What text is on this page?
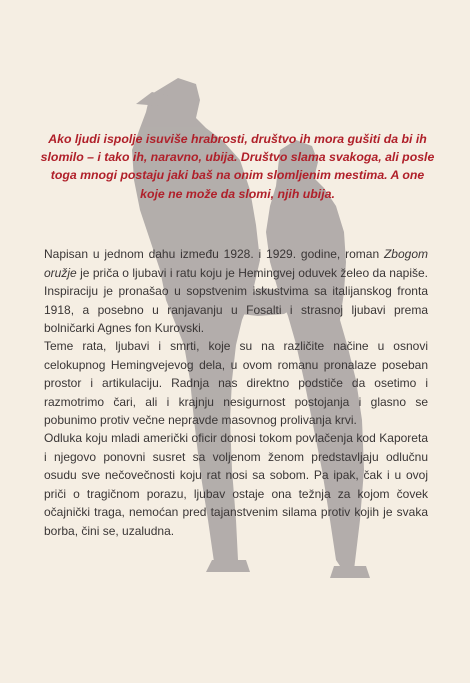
Ako ljudi ispolje isuviše hrabrosti, društvo ih mora gušiti da bi ih slomilo – i tako ih, naravno, ubija. Društvo slama svakoga, ali posle toga mnogi postaju jaki baš na onim slomljenim mestima. A one koje ne može da slomi, njih ubija.

Napisan u jednom dahu između 1928. i 1929. godine, roman Zbogom oružje je priča o ljubavi i ratu koju je Hemingvej oduvek želeo da napiše. Inspiraciju je pronašao u sopstvenim iskustvima sa italijanskog fronta 1918, a posebno u ranjavanju u Fosalti i strasnoj ljubavi prema bolničarki Agnes fon Kurovski.

Teme rata, ljubavi i smrti, koje su na različite načine u osnovi celokupnog Hemingvejevog dela, u ovom romanu pronalaze poseban prostor i artikulaciju. Radnja nas direktno podstiče da osetimo i razmotrimo čari, ali i krajnju nesigurnost postojanja i glasno se pobunimo protiv večne nepravde masovnog prolivanja krvi.

Odluka koju mladi američki oficir donosi tokom povlačenja kod Kaporeta i njegovo ponovni susret sa voljenom ženom predstavljaju odlučnu osudu sve nečovečnosti koju rat nosi sa sobom. Pa ipak, čak i u ovoj priči o tragičnom porazu, ljubav ostaje ona težnja za kojom čovek očajnički traga, nemoćan pred tajanstvenim silama protiv kojih je svaka borba, čini se, uzaludna.
